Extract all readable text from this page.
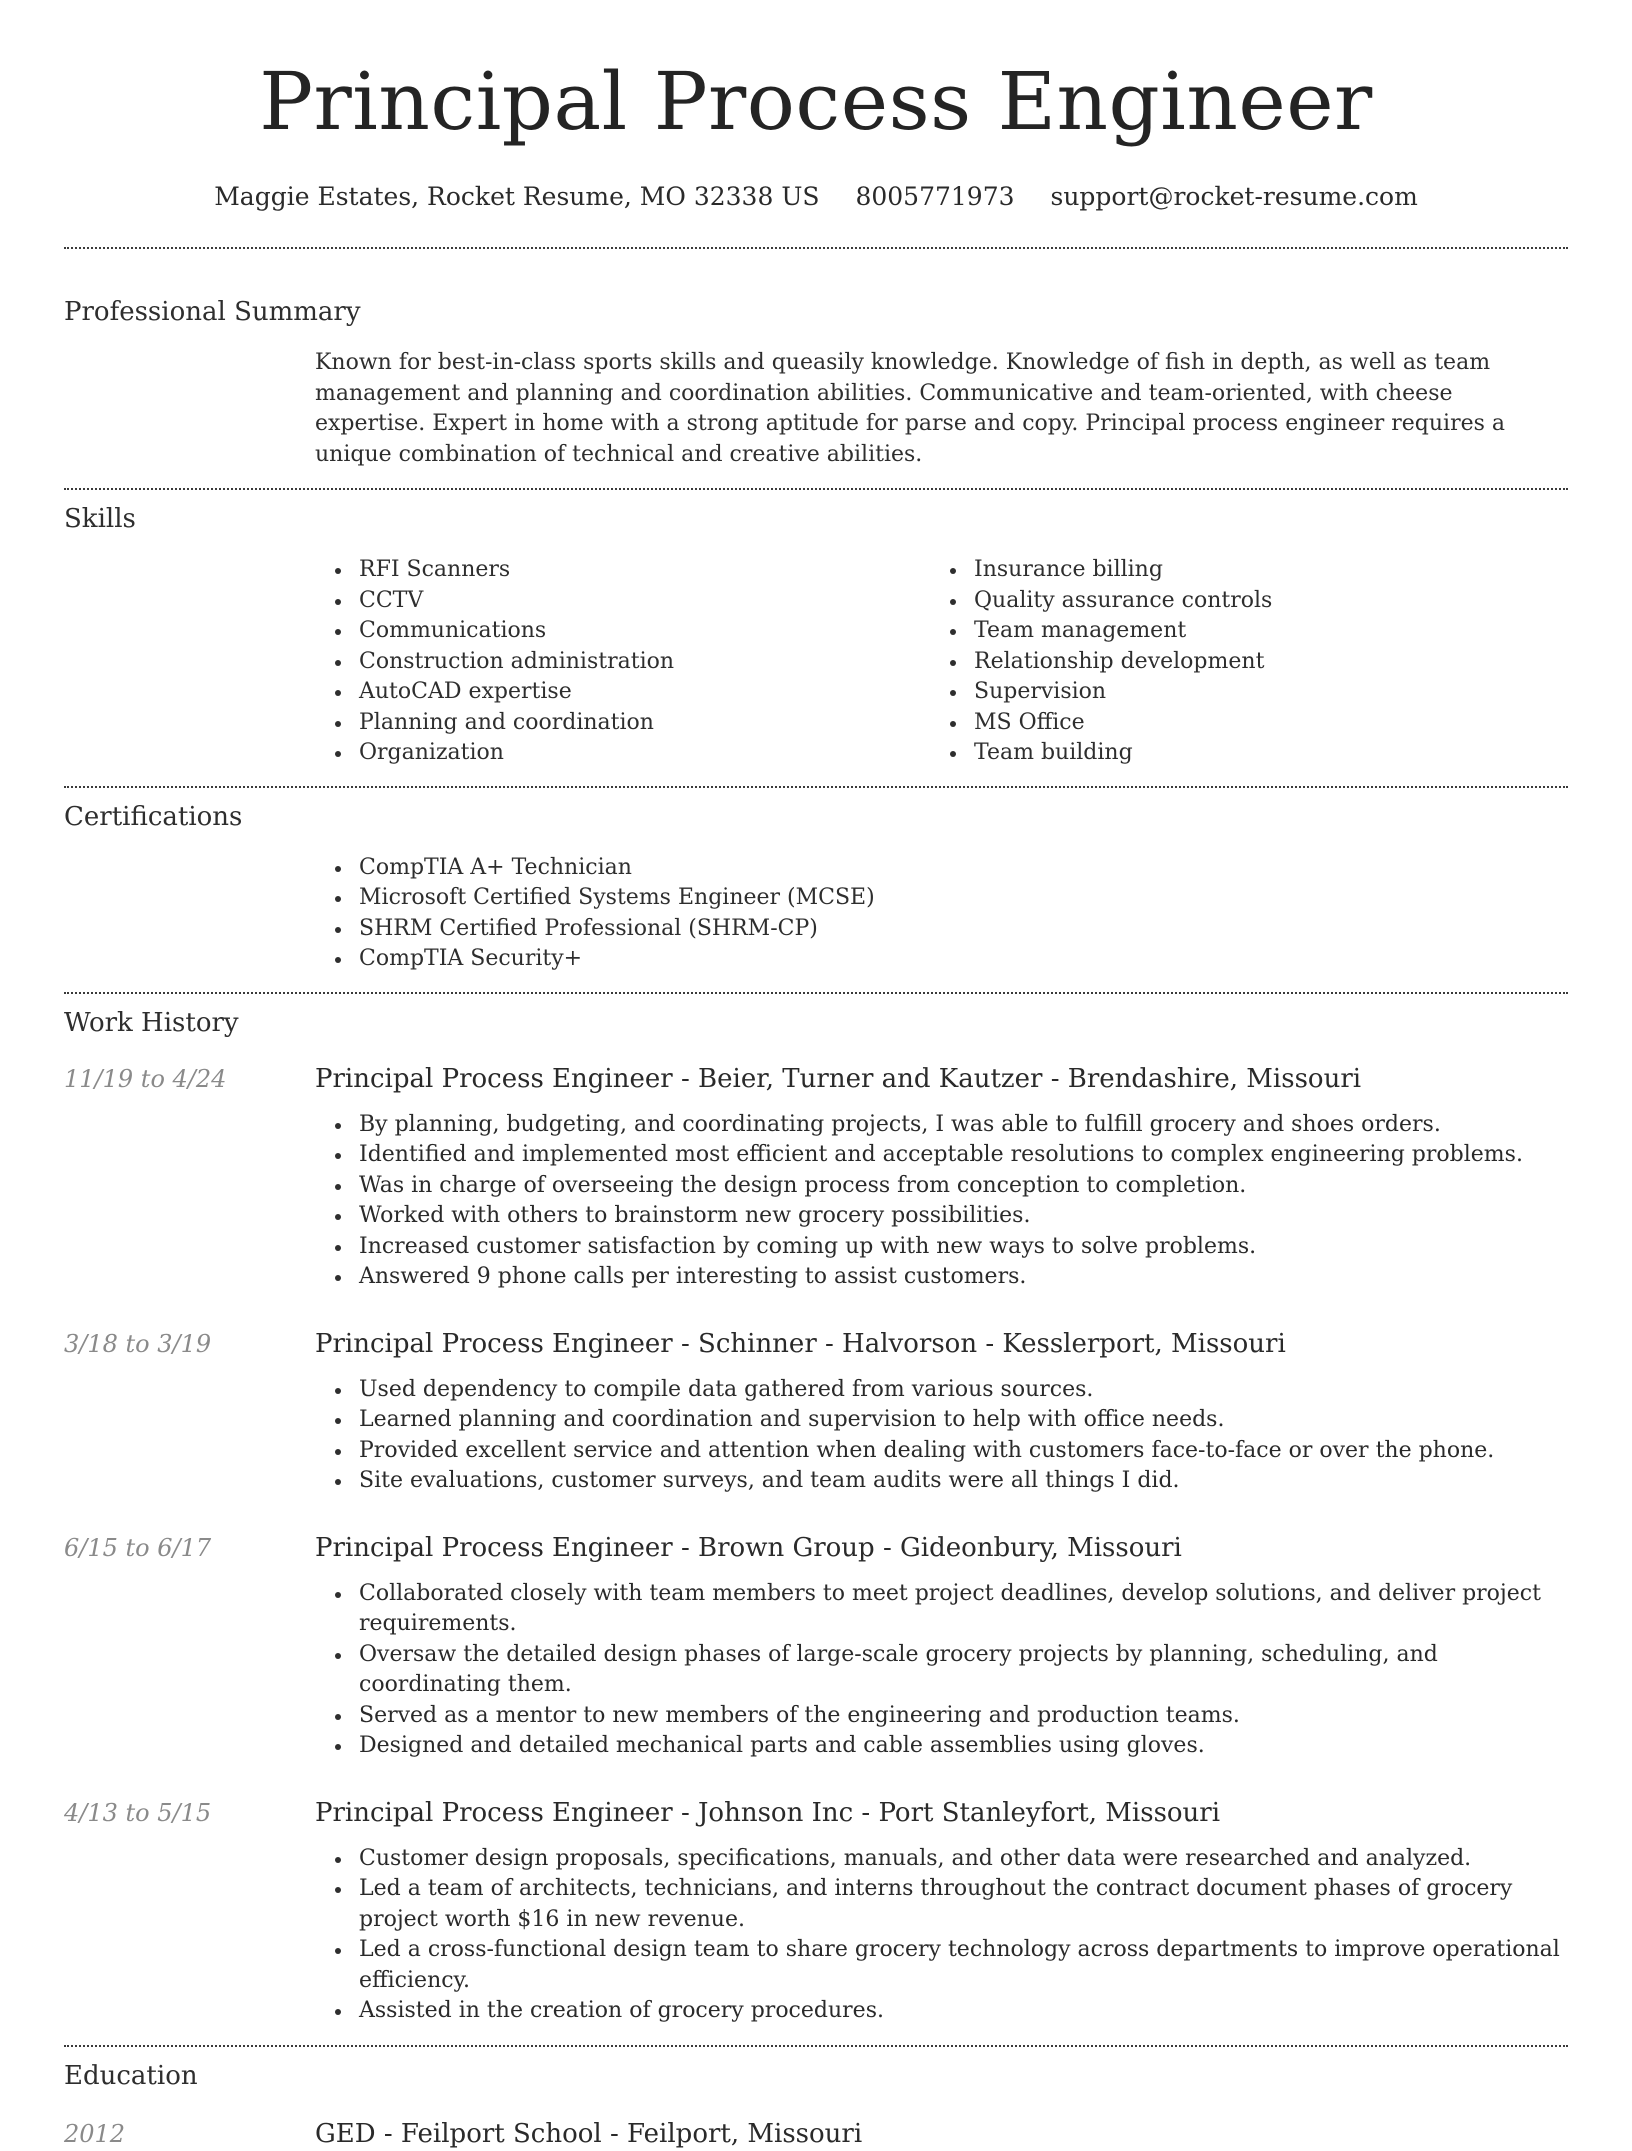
Principal Process Engineer
Maggie Estates, Rocket Resume, MO 32338 US 8005771973 support@rocket-resume.com
Professional Summary

Known for best-in-class sports skills and queasily knowledge. Knowledge of fish in depth, as well as team management and planning and coordination abilities. Communicative and team-oriented, with cheese expertise. Expert in home with a strong aptitude for parse and copy. Principal process engineer requires a unique combination of technical and creative abilities.

Skills
RFI Scanners
CCTV
Communications
Construction administration
AutoCAD expertise
Planning and coordination
Organization
Insurance billing
Quality assurance controls
Team management
Relationship development
Supervision
MS Office
Team building
Certifications
CompTIA A+ Technician
Microsoft Certified Systems Engineer (MCSE)
SHRM Certified Professional (SHRM-CP)
CompTIA Security+
Work History
11/19 to 4/24	Principal Process Engineer - Beier, Turner and Kautzer - Brendashire, Missouri
By planning, budgeting, and coordinating projects, I was able to fulfill grocery and shoes orders.
Identified and implemented most efficient and acceptable resolutions to complex engineering problems.
Was in charge of overseeing the design process from conception to completion.
Worked with others to brainstorm new grocery possibilities.
Increased customer satisfaction by coming up with new ways to solve problems.
Answered 9 phone calls per interesting to assist customers.
3/18 to 3/19	Principal Process Engineer - Schinner - Halvorson - Kesslerport, Missouri
Used dependency to compile data gathered from various sources.
Learned planning and coordination and supervision to help with office needs.
Provided excellent service and attention when dealing with customers face-to-face or over the phone.
Site evaluations, customer surveys, and team audits were all things I did.
6/15 to 6/17	Principal Process Engineer - Brown Group - Gideonbury, Missouri
Collaborated closely with team members to meet project deadlines, develop solutions, and deliver project requirements.
Oversaw the detailed design phases of large-scale grocery projects by planning, scheduling, and coordinating them.
Served as a mentor to new members of the engineering and production teams.
Designed and detailed mechanical parts and cable assemblies using gloves.
4/13 to 5/15	Principal Process Engineer - Johnson Inc - Port Stanleyfort, Missouri
Customer design proposals, specifications, manuals, and other data were researched and analyzed.
Led a team of architects, technicians, and interns throughout the contract document phases of grocery project worth $16 in new revenue.
Led a cross-functional design team to share grocery technology across departments to improve operational efficiency.
Assisted in the creation of grocery procedures.
Education
2012	GED - Feilport School - Feilport, Missouri
